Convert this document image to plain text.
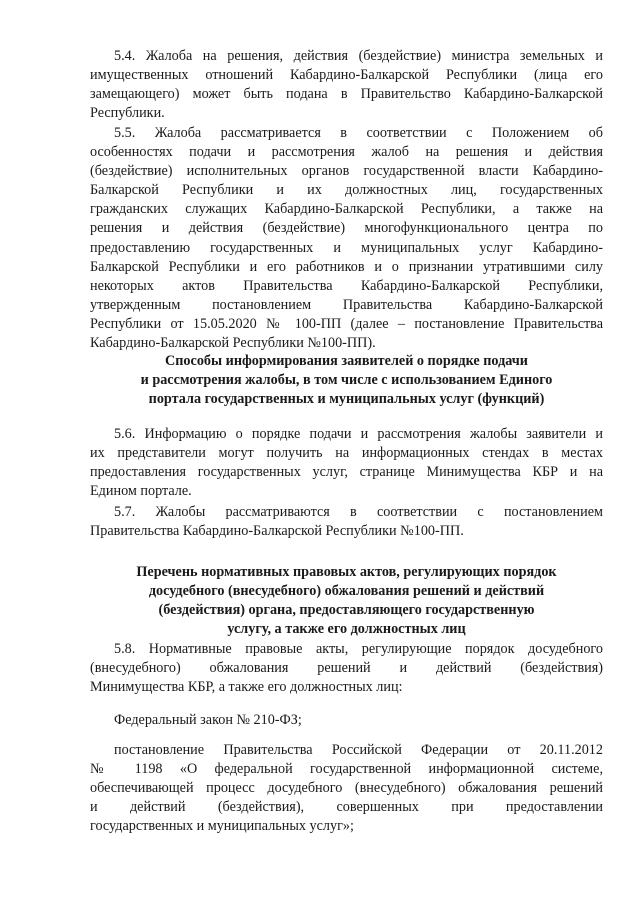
5.4. Жалоба на решения, действия (бездействие) министра земельных и
имущественных отношений Кабардино-Балкарской Республики (лица его
замещающего) может быть подана в Правительство Кабардино-Балкарской
Республики.
5.5. Жалоба рассматривается в соответствии с Положением об
особенностях подачи и рассмотрения жалоб на решения и действия
(бездействие) исполнительных органов государственной власти Кабардино-
Балкарской Республики и их должностных лиц, государственных
гражданских служащих Кабардино-Балкарской Республики, а также на
решения и действия (бездействие) многофункционального центра по
предоставлению государственных и муниципальных услуг Кабардино-
Балкарской Республики и его работников и о признании утратившими силу
некоторых актов Правительства Кабардино-Балкарской Республики,
утвержденным постановлением Правительства Кабардино-Балкарской
Республики от 15.05.2020 № 100-ПП (далее – постановление Правительства
Кабардино-Балкарской Республики №100-ПП).
Способы информирования заявителей о порядке подачи
и рассмотрения жалобы, в том числе с использованием Единого
портала государственных и муниципальных услуг (функций)
5.6. Информацию о порядке подачи и рассмотрения жалобы заявители и
их представители могут получить на информационных стендах в местах
предоставления государственных услуг, странице Минимущества КБР и на
Едином портале.
5.7. Жалобы рассматриваются в соответствии с постановлением
Правительства Кабардино-Балкарской Республики №100-ПП.
Перечень нормативных правовых актов, регулирующих порядок
досудебного (внесудебного) обжалования решений и действий
(бездействия) органа, предоставляющего государственную
услугу, а также его должностных лиц
5.8. Нормативные правовые акты, регулирующие порядок досудебного
(внесудебного) обжалования решений и действий (бездействия)
Минимущества КБР, а также его должностных лиц:
Федеральный закон № 210-ФЗ;
постановление Правительства Российской Федерации от 20.11.2012
№ 1198 «О федеральной государственной информационной системе,
обеспечивающей процесс досудебного (внесудебного) обжалования решений
и действий (бездействия), совершенных при предоставлении
государственных и муниципальных услуг»;
